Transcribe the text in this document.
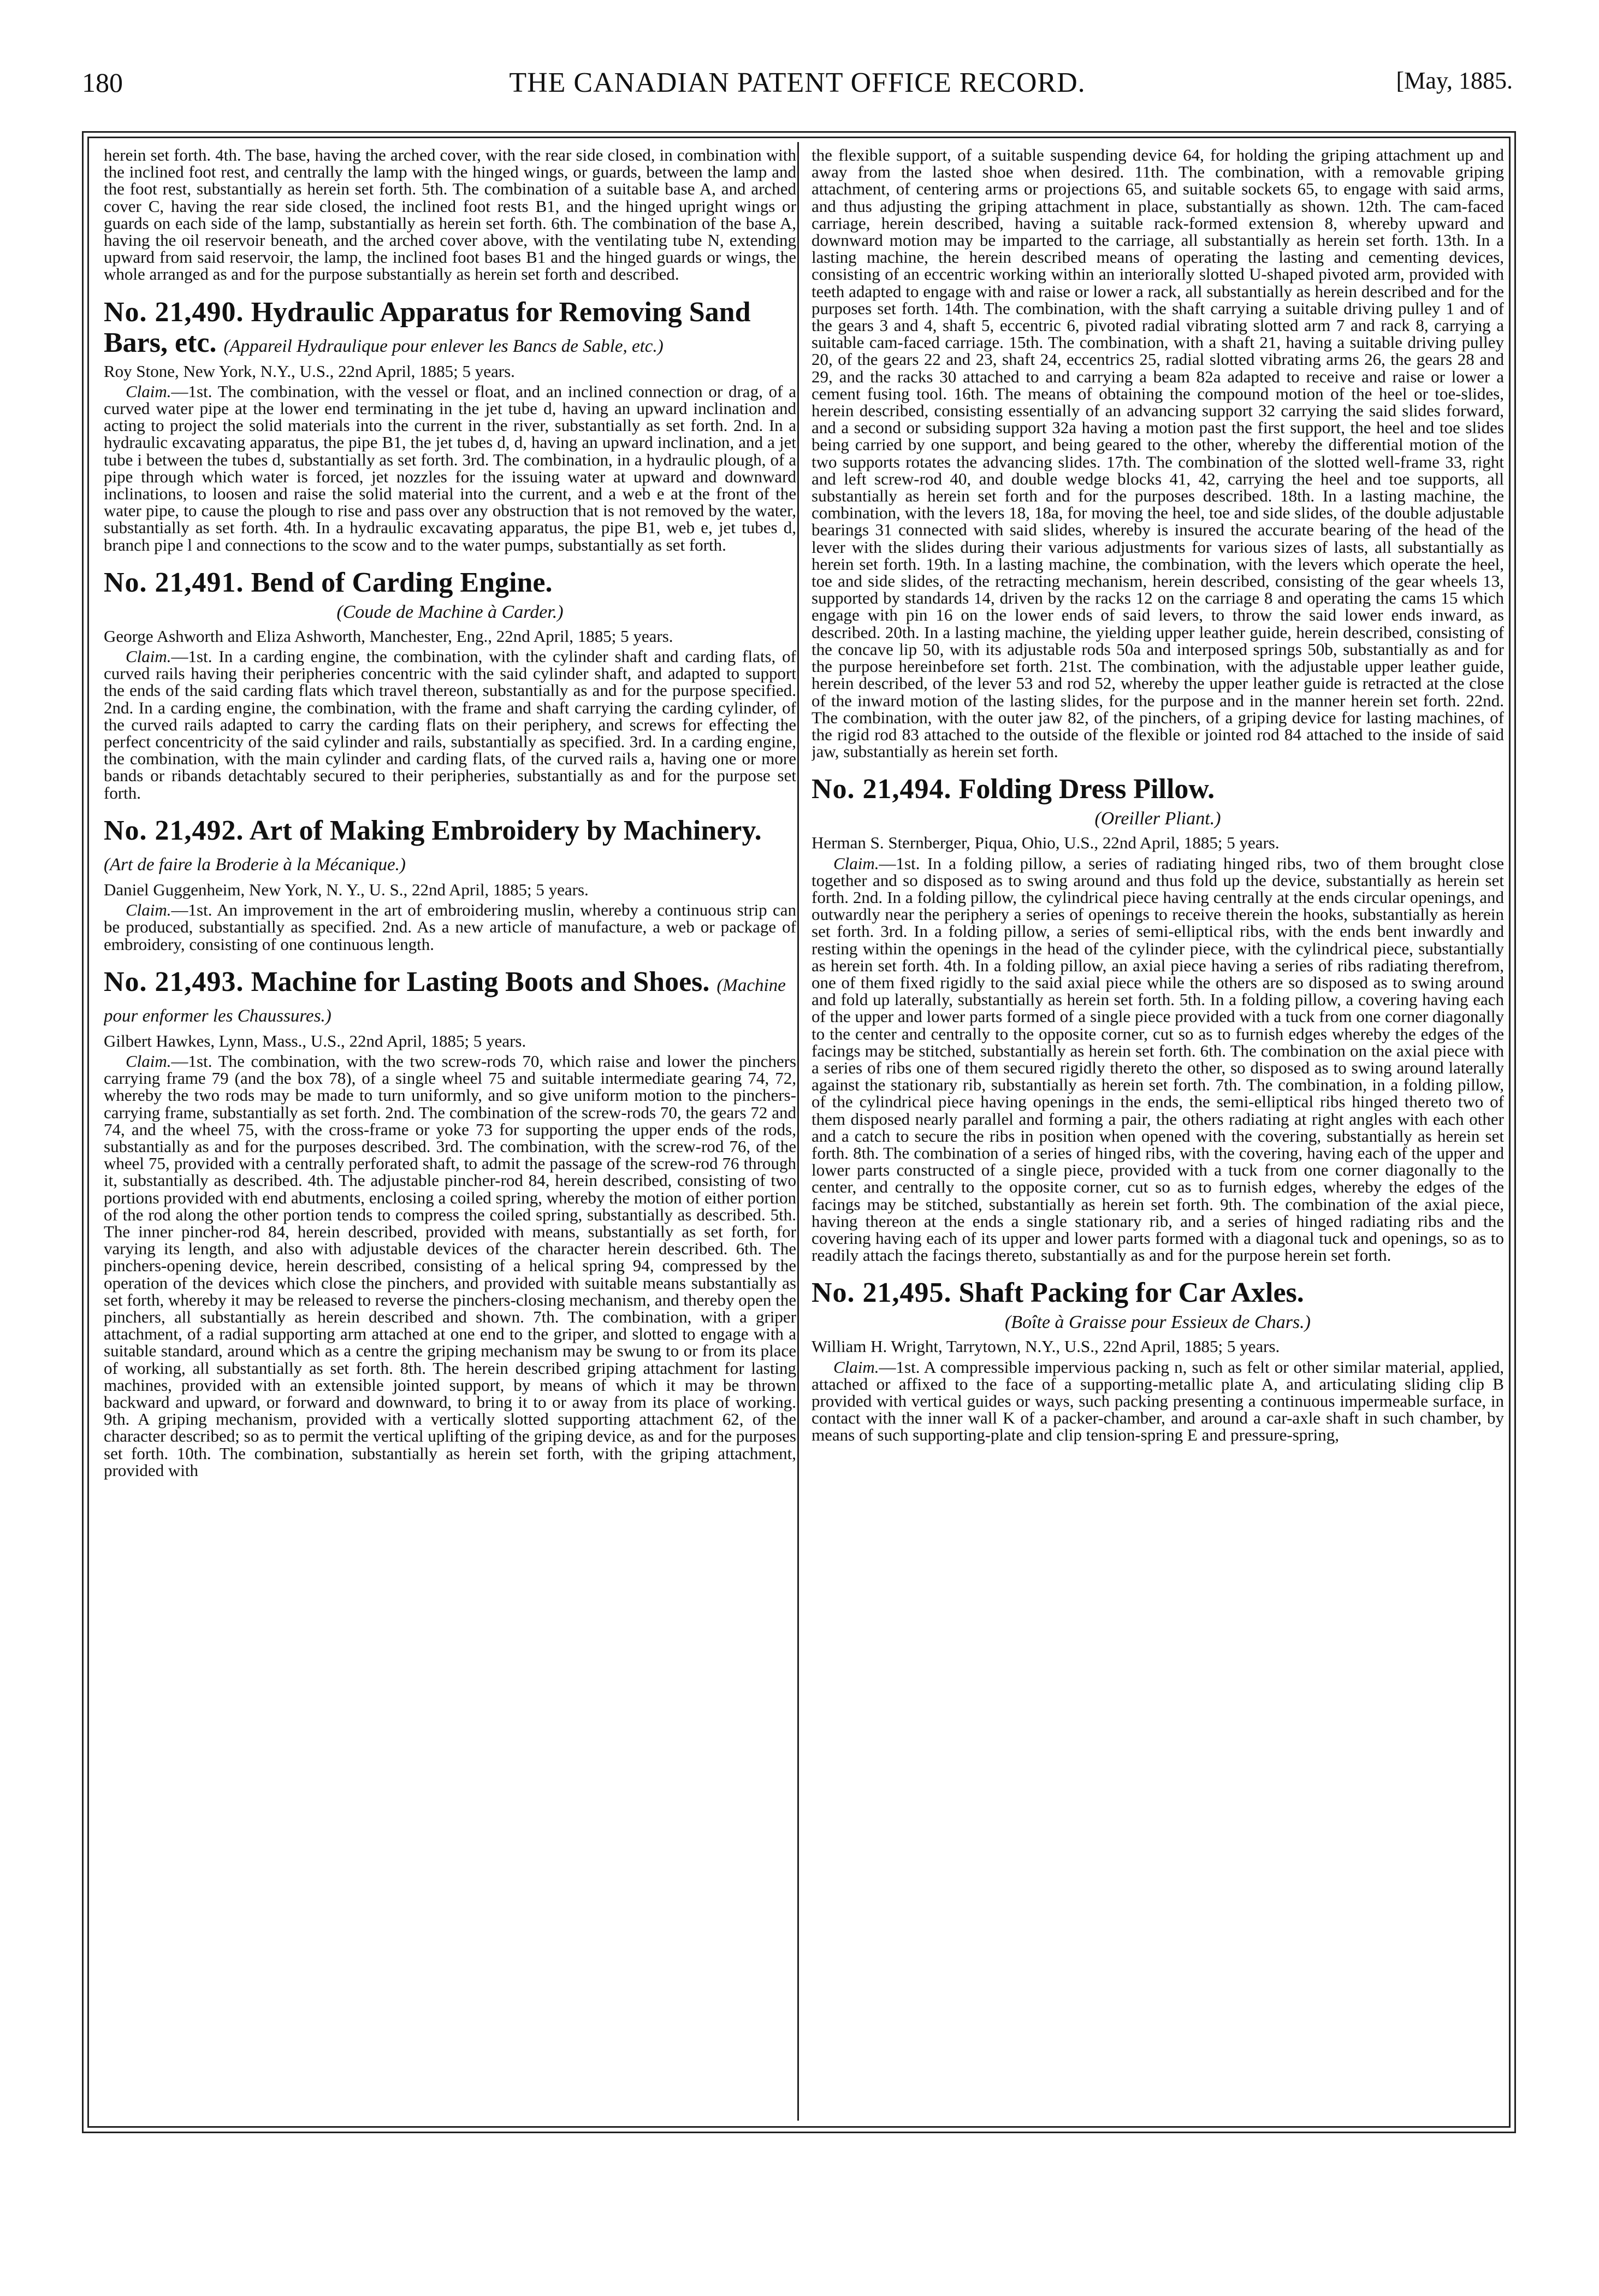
180	THE CANADIAN PATENT OFFICE RECORD.	[May, 1885.

herein set forth. 4th. The base, having the arched cover, with the rear side closed, in combination with the inclined foot rest, and centrally the lamp with the hinged wings, or guards, between the lamp and the foot rest, substantially as herein set forth. 5th. The combination of a suitable base A, and arched cover C, having the rear side closed, the inclined foot rests B1, and the hinged upright wings or guards on each side of the lamp, substantially as herein set forth. 6th. The combination of the base A, having the oil reservoir beneath, and the arched cover above, with the ventilating tube N, extending upward from said reservoir, the lamp, the inclined foot bases B1 and the hinged guards or wings, the whole arranged as and for the purpose substantially as herein set forth and described.

No. 21,490. Hydraulic Apparatus for Removing Sand Bars, etc. (Appareil Hydraulique pour enlever les Bancs de Sable, etc.)

Roy Stone, New York, N.Y., U.S., 22nd April, 1885; 5 years.

Claim.—1st. The combination, with the vessel or float, and an inclined connection or drag, of a curved water pipe at the lower end terminating in the jet tube d, having an upward inclination and acting to project the solid materials into the current in the river, substantially as set forth. 2nd. In a hydraulic excavating apparatus, the pipe B1, the jet tubes d, d, having an upward inclination, and a jet tube i between the tubes d, substantially as set forth. 3rd. The combination, in a hydraulic plough, of a pipe through which water is forced, jet nozzles for the issuing water at upward and downward inclinations, to loosen and raise the solid material into the current, and a web e at the front of the water pipe, to cause the plough to rise and pass over any obstruction that is not removed by the water, substantially as set forth. 4th. In a hydraulic excavating apparatus, the pipe B1, web e, jet tubes d, branch pipe l and connections to the scow and to the water pumps, substantially as set forth.

No. 21,491. Bend of Carding Engine.
(Coude de Machine à Carder.)

George Ashworth and Eliza Ashworth, Manchester, Eng., 22nd April, 1885; 5 years.

Claim.—1st. In a carding engine, the combination, with the cylinder shaft and carding flats, of curved rails having their peripheries concentric with the said cylinder shaft, and adapted to support the ends of the said carding flats which travel thereon, substantially as and for the purpose specified. 2nd. In a carding engine, the combination, with the frame and shaft carrying the carding cylinder, of the curved rails adapted to carry the carding flats on their periphery, and screws for effecting the perfect concentricity of the said cylinder and rails, substantially as specified. 3rd. In a carding engine, the combination, with the main cylinder and carding flats, of the curved rails a, having one or more bands or ribands detachtably secured to their peripheries, substantially as and for the purpose set forth.

No. 21,492. Art of Making Embroidery by Machinery. (Art de faire la Broderie à la Mécanique.)

Daniel Guggenheim, New York, N. Y., U. S., 22nd April, 1885; 5 years.

Claim.—1st. An improvement in the art of embroidering muslin, whereby a continuous strip can be produced, substantially as specified. 2nd. As a new article of manufacture, a web or package of embroidery, consisting of one continuous length.

No. 21,493. Machine for Lasting Boots and Shoes. (Machine pour enformer les Chaussures.)

Gilbert Hawkes, Lynn, Mass., U.S., 22nd April, 1885; 5 years.

Claim.—1st. The combination, with the two screw-rods 70, which raise and lower the pinchers carrying frame 79 (and the box 78), of a single wheel 75 and suitable intermediate gearing 74, 72, whereby the two rods may be made to turn uniformly, and so give uniform motion to the pinchers-carrying frame, substantially as set forth. 2nd. The combination of the screw-rods 70, the gears 72 and 74, and the wheel 75, with the cross-frame or yoke 73 for supporting the upper ends of the rods, substantially as and for the purposes described. 3rd. The combination, with the screw-rod 76, of the wheel 75, provided with a centrally perforated shaft, to admit the passage of the screw-rod 76 through it, substantially as described. 4th. The adjustable pincher-rod 84, herein described, consisting of two portions provided with end abutments, enclosing a coiled spring, whereby the motion of either portion of the rod along the other portion tends to compress the coiled spring, substantially as described. 5th. The inner pincher-rod 84, herein described, provided with means, substantially as set forth, for varying its length, and also with adjustable devices of the character herein described. 6th. The pinchers-opening device, herein described, consisting of a helical spring 94, compressed by the operation of the devices which close the pinchers, and provided with suitable means substantially as set forth, whereby it may be released to reverse the pinchers-closing mechanism, and thereby open the pinchers, all substantially as herein described and shown. 7th. The combination, with a griper attachment, of a radial supporting arm attached at one end to the griper, and slotted to engage with a suitable standard, around which as a centre the griping mechanism may be swung to or from its place of working, all substantially as set forth. 8th. The herein described griping attachment for lasting machines, provided with an extensible jointed support, by means of which it may be thrown backward and upward, or forward and downward, to bring it to or away from its place of working. 9th. A griping mechanism, provided with a vertically slotted supporting attachment 62, of the character described; so as to permit the vertical uplifting of the griping device, as and for the purposes set forth. 10th. The combination, substantially as herein set forth, with the griping attachment, provided with

the flexible support, of a suitable suspending device 64, for holding the griping attachment up and away from the lasted shoe when desired. 11th. The combination, with a removable griping attachment, of centering arms or projections 65, and suitable sockets 65, to engage with said arms, and thus adjusting the griping attachment in place, substantially as shown. 12th. The cam-faced carriage, herein described, having a suitable rack-formed extension 8, whereby upward and downward motion may be imparted to the carriage, all substantially as herein set forth. 13th. In a lasting machine, the herein described means of operating the lasting and cementing devices, consisting of an eccentric working within an interiorally slotted U-shaped pivoted arm, provided with teeth adapted to engage with and raise or lower a rack, all substantially as herein described and for the purposes set forth. 14th. The combination, with the shaft carrying a suitable driving pulley 1 and of the gears 3 and 4, shaft 5, eccentric 6, pivoted radial vibrating slotted arm 7 and rack 8, carrying a suitable cam-faced carriage. 15th. The combination, with a shaft 21, having a suitable driving pulley 20, of the gears 22 and 23, shaft 24, eccentrics 25, radial slotted vibrating arms 26, the gears 28 and 29, and the racks 30 attached to and carrying a beam 82a adapted to receive and raise or lower a cement fusing tool. 16th. The means of obtaining the compound motion of the heel or toe-slides, herein described, consisting essentially of an advancing support 32 carrying the said slides forward, and a second or subsiding support 32a having a motion past the first support, the heel and toe slides being carried by one support, and being geared to the other, whereby the differential motion of the two supports rotates the advancing slides. 17th. The combination of the slotted well-frame 33, right and left screw-rod 40, and double wedge blocks 41, 42, carrying the heel and toe supports, all substantially as herein set forth and for the purposes described. 18th. In a lasting machine, the combination, with the levers 18, 18a, for moving the heel, toe and side slides, of the double adjustable bearings 31 connected with said slides, whereby is insured the accurate bearing of the head of the lever with the slides during their various adjustments for various sizes of lasts, all substantially as herein set forth. 19th. In a lasting machine, the combination, with the levers which operate the heel, toe and side slides, of the retracting mechanism, herein described, consisting of the gear wheels 13, supported by standards 14, driven by the racks 12 on the carriage 8 and operating the cams 15 which engage with pin 16 on the lower ends of said levers, to throw the said lower ends inward, as described. 20th. In a lasting machine, the yielding upper leather guide, herein described, consisting of the concave lip 50, with its adjustable rods 50a and interposed springs 50b, substantially as and for the purpose hereinbefore set forth. 21st. The combination, with the adjustable upper leather guide, herein described, of the lever 53 and rod 52, whereby the upper leather guide is retracted at the close of the inward motion of the lasting slides, for the purpose and in the manner herein set forth. 22nd. The combination, with the outer jaw 82, of the pinchers, of a griping device for lasting machines, of the rigid rod 83 attached to the outside of the flexible or jointed rod 84 attached to the inside of said jaw, substantially as herein set forth.

No. 21,494. Folding Dress Pillow.
(Oreiller Pliant.)

Herman S. Sternberger, Piqua, Ohio, U.S., 22nd April, 1885; 5 years.

Claim.—1st. In a folding pillow, a series of radiating hinged ribs, two of them brought close together and so disposed as to swing around and thus fold up the device, substantially as herein set forth. 2nd. In a folding pillow, the cylindrical piece having centrally at the ends circular openings, and outwardly near the periphery a series of openings to receive therein the hooks, substantially as herein set forth. 3rd. In a folding pillow, a series of semi-elliptical ribs, with the ends bent inwardly and resting within the openings in the head of the cylinder piece, with the cylindrical piece, substantially as herein set forth. 4th. In a folding pillow, an axial piece having a series of ribs radiating therefrom, one of them fixed rigidly to the said axial piece while the others are so disposed as to swing around and fold up laterally, substantially as herein set forth. 5th. In a folding pillow, a covering having each of the upper and lower parts formed of a single piece provided with a tuck from one corner diagonally to the center and centrally to the opposite corner, cut so as to furnish edges whereby the edges of the facings may be stitched, substantially as herein set forth. 6th. The combination on the axial piece with a series of ribs one of them secured rigidly thereto the other, so disposed as to swing around laterally against the stationary rib, substantially as herein set forth. 7th. The combination, in a folding pillow, of the cylindrical piece having openings in the ends, the semi-elliptical ribs hinged thereto two of them disposed nearly parallel and forming a pair, the others radiating at right angles with each other and a catch to secure the ribs in position when opened with the covering, substantially as herein set forth. 8th. The combination of a series of hinged ribs, with the covering, having each of the upper and lower parts constructed of a single piece, provided with a tuck from one corner diagonally to the center, and centrally to the opposite corner, cut so as to furnish edges, whereby the edges of the facings may be stitched, substantially as herein set forth. 9th. The combination of the axial piece, having thereon at the ends a single stationary rib, and a series of hinged radiating ribs and the covering having each of its upper and lower parts formed with a diagonal tuck and openings, so as to readily attach the facings thereto, substantially as and for the purpose herein set forth.

No. 21,495. Shaft Packing for Car Axles.
(Boîte à Graisse pour Essieux de Chars.)

William H. Wright, Tarrytown, N.Y., U.S., 22nd April, 1885; 5 years.

Claim.—1st. A compressible impervious packing n, such as felt or other similar material, applied, attached or affixed to the face of a supporting-metallic plate A, and articulating sliding clip B provided with vertical guides or ways, such packing presenting a continuous impermeable surface, in contact with the inner wall K of a packer-chamber, and around a car-axle shaft in such chamber, by means of such supporting-plate and clip tension-spring E and pressure-spring,
